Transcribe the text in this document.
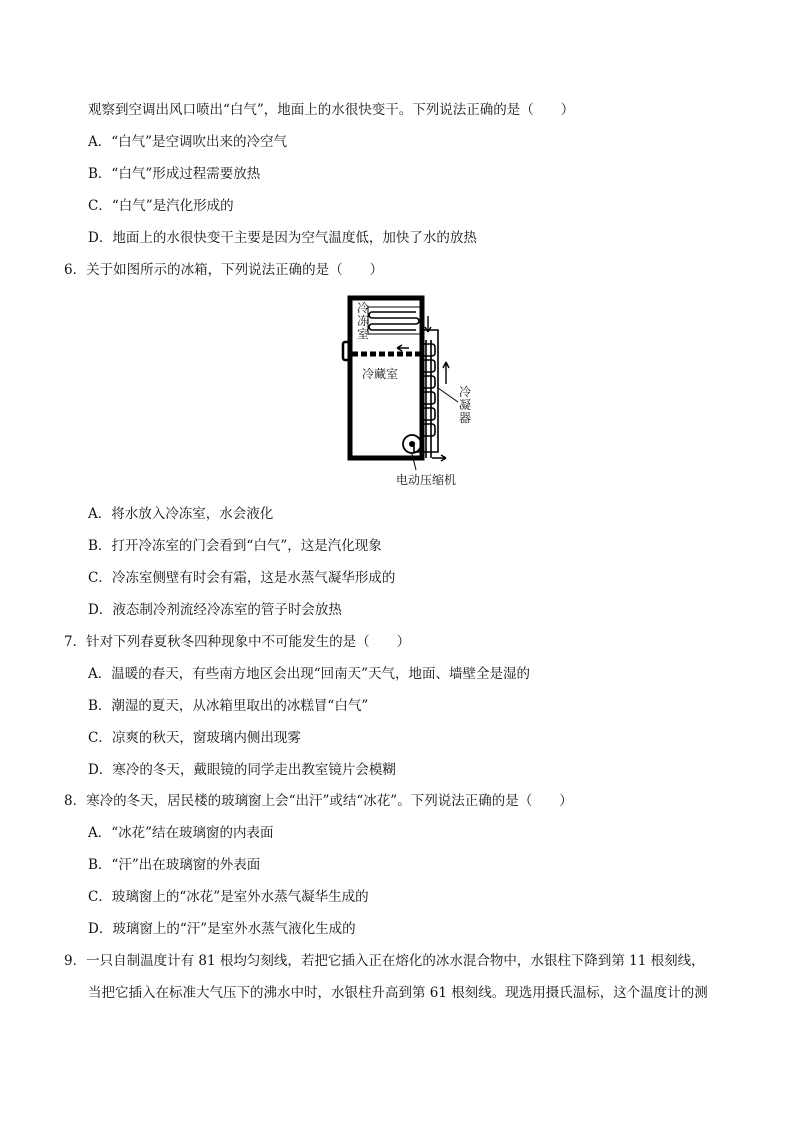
观察到空调出风口喷出“白气”，地面上的水很快变干。下列说法正确的是（　　）
A．“白气”是空调吹出来的冷空气
B．“白气”形成过程需要放热
C．“白气”是汽化形成的
D．地面上的水很快变干主要是因为空气温度低，加快了水的放热
6．关于如图所示的冰箱，下列说法正确的是（　　）
冷冻室
冷藏室
冷凝器
电动压缩机
A．将水放入冷冻室，水会液化
B．打开冷冻室的门会看到“白气”，这是汽化现象
C．冷冻室侧壁有时会有霜，这是水蒸气凝华形成的
D．液态制冷剂流经冷冻室的管子时会放热
7．针对下列春夏秋冬四种现象中不可能发生的是（　　）
A．温暖的春天，有些南方地区会出现“回南天”天气，地面、墙壁全是湿的
B．潮湿的夏天，从冰箱里取出的冰糕冒“白气”
C．凉爽的秋天，窗玻璃内侧出现雾
D．寒冷的冬天，戴眼镜的同学走出教室镜片会模糊
8．寒冷的冬天，居民楼的玻璃窗上会“出汗”或结“冰花”。下列说法正确的是（　　）
A．“冰花”结在玻璃窗的内表面
B．“汗”出在玻璃窗的外表面
C．玻璃窗上的“冰花”是室外水蒸气凝华生成的
D．玻璃窗上的“汗”是室外水蒸气液化生成的
9．一只自制温度计有 81 根均匀刻线，若把它插入正在熔化的冰水混合物中，水银柱下降到第 11 根刻线，
当把它插入在标准大气压下的沸水中时，水银柱升高到第 61 根刻线。现选用摄氏温标，这个温度计的测
